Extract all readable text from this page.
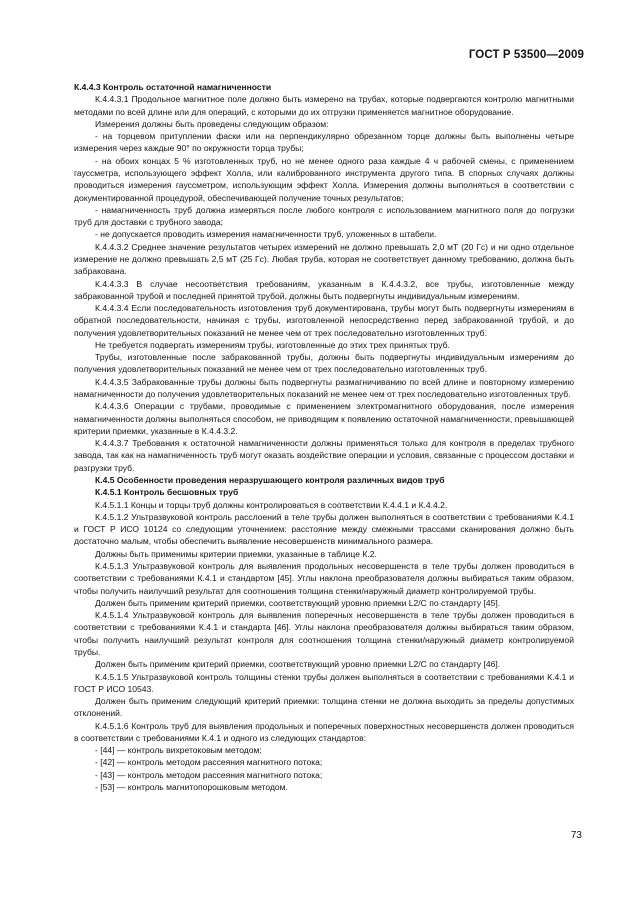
ГОСТ Р 53500—2009

К.4.4.3 Контроль остаточной намагниченности

К.4.4.3.1 Продольное магнитное поле должно быть измерено на трубах, которые подвергаются контролю магнитными методами по всей длине или для операций, с которыми до их отгрузки применяется магнитное оборудование.

Измерения должны быть проведены следующим образом:

- на торцевом притуплении фаски или на перпендикулярно обрезанном торце должны быть выполнены четыре измерения через каждые 90° по окружности торца трубы;

- на обоих концах 5 % изготовленных труб, но не менее одного раза каждые 4 ч рабочей смены, с применением гауссметра, использующего эффект Холла, или калиброванного инструмента другого типа. В спорных случаях должны проводиться измерения гауссметром, использующим эффект Холла. Измерения должны выполняться в соответствии с документированной процедурой, обеспечивающей получение точных результатов;

- намагниченность труб должна измеряться после любого контроля с использованием магнитного поля до погрузки труб для доставки с трубного завода;

- не допускается проводить измерения намагниченности труб, уложенных в штабели.

К.4.4.3.2 Среднее значение результатов четырех измерений не должно превышать 2,0 мТ (20 Гс) и ни одно отдельное измерение не должно превышать 2,5 мТ (25 Гс). Любая труба, которая не соответствует данному требованию, должна быть забракована.

К.4.4.3.3 В случае несоответствия требованиям, указанным в К.4.4.3.2, все трубы, изготовленные между забракованной трубой и последней принятой трубой, должны быть подвергнуты индивидуальным измерениям.

К.4.4.3.4 Если последовательность изготовления труб документирована, трубы могут быть подвергнуты измерениям в обратной последовательности, начиная с трубы, изготовленной непосредственно перед забракованной трубой, и до получения удовлетворительных показаний не менее чем от трех последовательно изготовленных труб.

Не требуется подвергать измерениям трубы, изготовленные до этих трех принятых труб.

Трубы, изготовленные после забракованной трубы, должны быть подвергнуты индивидуальным измерениям до получения удовлетворительных показаний не менее чем от трех последовательно изготовленных труб.

К.4.4.3.5 Забракованные трубы должны быть подвергнуты размагничиванию по всей длине и повторному измерению намагниченности до получения удовлетворительных показаний не менее чем от трех последовательно изготовленных труб.

К.4.4.3.6 Операции с трубами, проводимые с применением электромагнитного оборудования, после измерения намагниченности должны выполняться способом, не приводящим к появлению остаточной намагниченности, превышающей критерии приемки, указанные в К.4.4.3.2.

К.4.4.3.7 Требования к остаточной намагниченности должны применяться только для контроля в пределах трубного завода, так как на намагниченность труб могут оказать воздействие операции и условия, связанные с процессом доставки и разгрузки труб.

К.4.5 Особенности проведения неразрушающего контроля различных видов труб

К.4.5.1 Контроль бесшовных труб

К.4.5.1.1 Концы и торцы труб должны контролироваться в соответствии К.4.4.1 и К.4.4.2.

К.4.5.1.2 Ультразвуковой контроль расслоений в теле трубы должен выполняться в соответствии с требованиями К.4.1 и ГОСТ Р ИСО 10124 со следующим уточнением: расстояние между смежными трассами сканирования должно быть достаточно малым, чтобы обеспечить выявление несовершенств минимального размера.

Должны быть применимы критерии приемки, указанные в таблице К.2.

К.4.5.1.3 Ультразвуковой контроль для выявления продольных несовершенств в теле трубы должен проводиться в соответствии с требованиями К.4.1 и стандартом [45]. Углы наклона преобразователя должны выбираться таким образом, чтобы получить наилучший результат для соотношения толщина стенки/наружный диаметр контролируемой трубы.

Должен быть применим критерий приемки, соответствующий уровню приемки L2/C по стандарту [45].

К.4.5.1.4 Ультразвуковой контроль для выявления поперечных несовершенств в теле трубы должен проводиться в соответствии с требованиями К.4.1 и стандарта [46]. Углы наклона преобразователя должны выбираться таким образом, чтобы получить наилучший результат контроля для соотношения толщина стенки/наружный диаметр контролируемой трубы.

Должен быть применим критерий приемки, соответствующий уровню приемки L2/C по стандарту [46].

К.4.5.1.5 Ультразвуковой контроль толщины стенки трубы должен выполняться в соответствии с требованиями К.4.1 и ГОСТ Р ИСО 10543.

Должен быть применим следующий критерий приемки: толщина стенки не должна выходить за пределы допустимых отклонений.

К.4.5.1.6 Контроль труб для выявления продольных и поперечных поверхностных несовершенств должен проводиться в соответствии с требованиями К.4.1 и одного из следующих стандартов:

- [44] — контроль вихретоковым методом;

- [42] — контроль методом рассеяния магнитного потока;

- [43] — контроль методом рассеяния магнитного потока;

- [53] — контроль магнитопорошковым методом.

73
